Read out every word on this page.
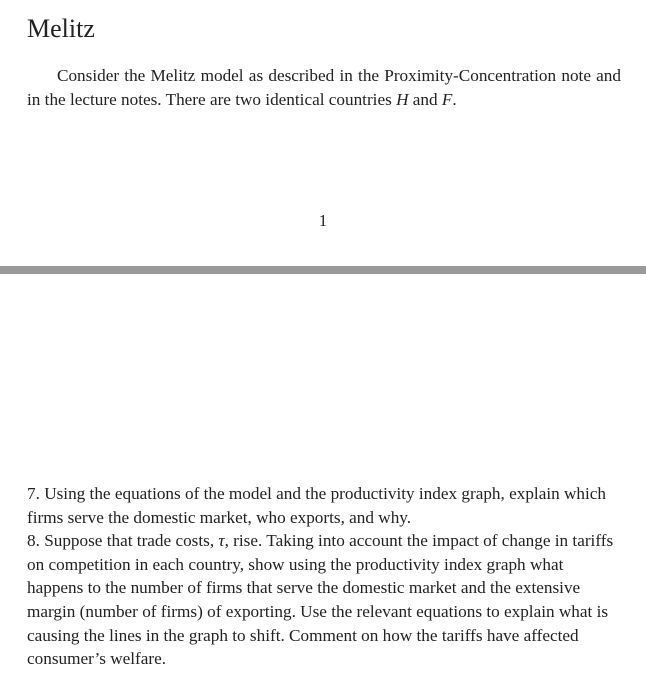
Melitz

Consider the Melitz model as described in the Proximity-Concentration note and in the lecture notes. There are two identical countries H and F.

1

7. Using the equations of the model and the productivity index graph, explain which firms serve the domestic market, who exports, and why.

8. Suppose that trade costs, τ, rise. Taking into account the impact of change in tariffs on competition in each country, show using the productivity index graph what happens to the number of firms that serve the domestic market and the extensive margin (number of firms) of exporting. Use the relevant equations to explain what is causing the lines in the graph to shift. Comment on how the tariffs have affected consumer’s welfare.
